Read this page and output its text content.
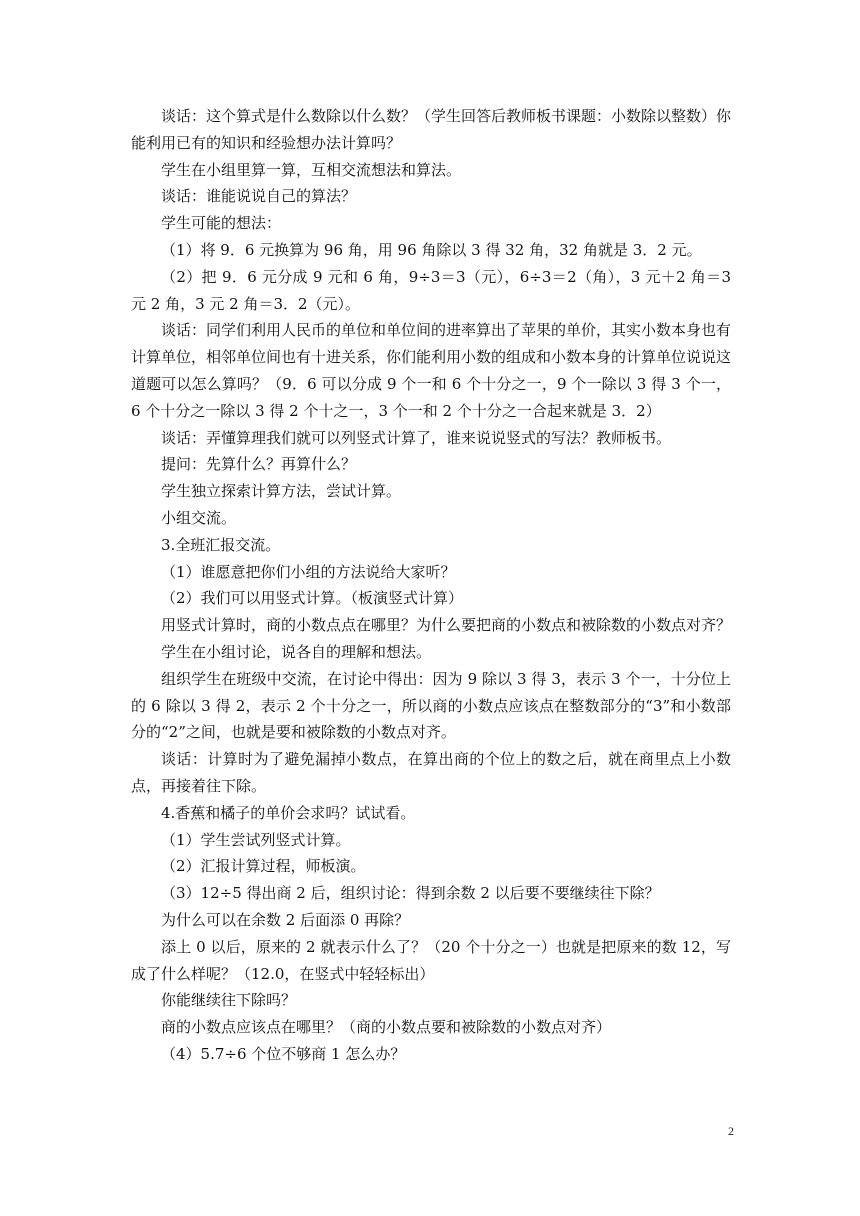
谈话：这个算式是什么数除以什么数？（学生回答后教师板书课题：小数除以整数）你能利用已有的知识和经验想办法计算吗？

学生在小组里算一算，互相交流想法和算法。

谈话：谁能说说自己的算法？

学生可能的想法：

（1）将 9．6 元换算为 96 角，用 96 角除以 3 得 32 角，32 角就是 3．2 元。

（2）把 9．6 元分成 9 元和 6 角，9÷3＝3（元），6÷3＝2（角），3 元＋2 角＝3 元 2 角，3 元 2 角＝3．2（元）。

谈话：同学们利用人民币的单位和单位间的进率算出了苹果的单价，其实小数本身也有计算单位，相邻单位间也有十进关系，你们能利用小数的组成和小数本身的计算单位说说这道题可以怎么算吗？（9．6 可以分成 9 个一和 6 个十分之一，9 个一除以 3 得 3 个一，6 个十分之一除以 3 得 2 个十之一，3 个一和 2 个十分之一合起来就是 3．2）

谈话：弄懂算理我们就可以列竖式计算了，谁来说说竖式的写法？教师板书。

提问：先算什么？再算什么？

学生独立探索计算方法，尝试计算。

小组交流。

3.全班汇报交流。

（1）谁愿意把你们小组的方法说给大家听？

（2）我们可以用竖式计算。（板演竖式计算）

用竖式计算时，商的小数点点在哪里？为什么要把商的小数点和被除数的小数点对齐？

学生在小组讨论，说各自的理解和想法。

组织学生在班级中交流，在讨论中得出：因为 9 除以 3 得 3，表示 3 个一，十分位上的 6 除以 3 得 2，表示 2 个十分之一，所以商的小数点应该点在整数部分的“3”和小数部分的“2”之间，也就是要和被除数的小数点对齐。

谈话：计算时为了避免漏掉小数点，在算出商的个位上的数之后，就在商里点上小数点，再接着往下除。

4.香蕉和橘子的单价会求吗？试试看。

（1）学生尝试列竖式计算。

（2）汇报计算过程，师板演。

（3）12÷5 得出商 2 后，组织讨论：得到余数 2 以后要不要继续往下除？

为什么可以在余数 2 后面添 0 再除？

添上 0 以后，原来的 2 就表示什么了？（20 个十分之一）也就是把原来的数 12，写成了什么样呢？（12.0，在竖式中轻轻标出）

你能继续往下除吗？

商的小数点应该点在哪里？（商的小数点要和被除数的小数点对齐）

（4）5.7÷6 个位不够商 1 怎么办？

2
